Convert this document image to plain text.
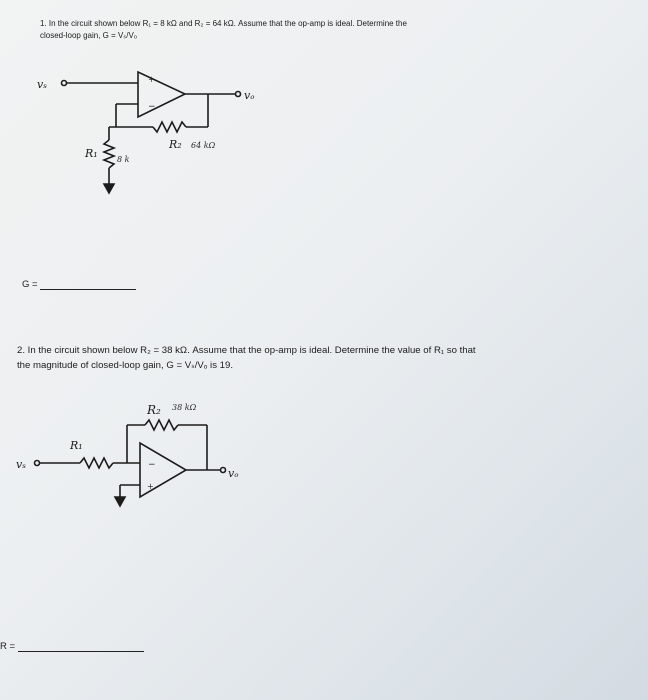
1. In the circuit shown below R₁ = 8 kΩ and R₂ = 64 kΩ. Assume that the op-amp is ideal. Determine the
closed-loop gain, G = Vₛ/Vₒ
2. In the circuit shown below R₂ = 38 kΩ. Assume that the op-amp is ideal. Determine the value of R₁ so that
the magnitude of closed-loop gain, G = Vₛ/Vₒ is 19.
G =
R =
+
−
vₛ
vₒ
R₂ 64 kΩ
R₁ 8 k
−
+
vₛ
vₒ
R₂ 38 kΩ
R₁
